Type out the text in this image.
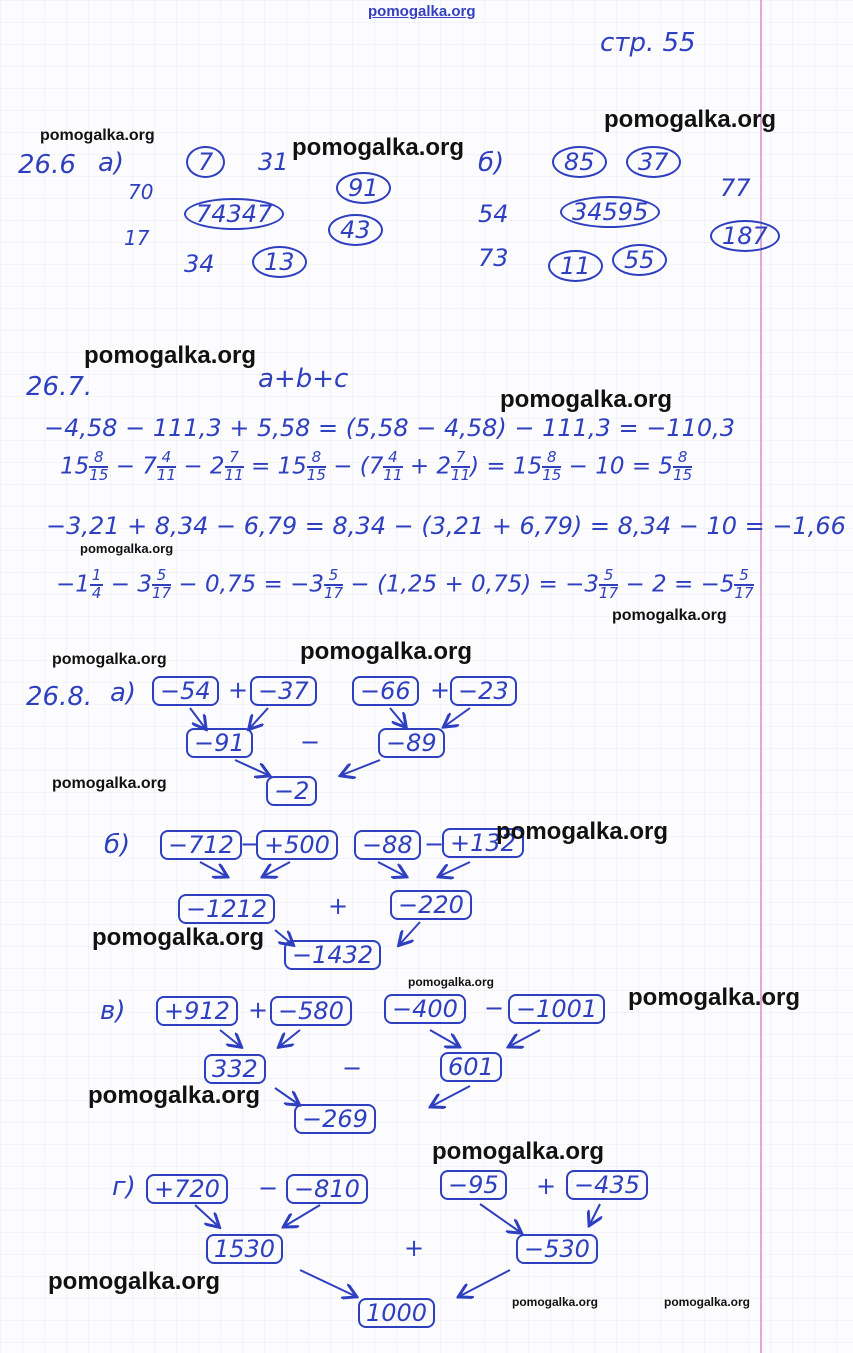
pomogalka.org
стр. 55
26.6 а)	7	31
70	91
74347
17	43
34	13
б)	85	37
77
54	34595
187
73	11	55
26.7.	a+b+c
−4,58 − 111,3 + 5,58 = (5,58 − 4,58) − 111,3 = −110,3
$15 \frac{8}{15} - 7 \frac{4}{11} - 2 \frac{7}{11} = 15 \frac{8}{15} - (7 \frac{4}{11} + 2 \frac{7}{11}$ ) = $15 \frac{8}{15} - 10 = 5 \frac{8}{15}$
−3,21 + 8,34 − 6,79 = 8,34 − (3,21 + 6,79) = 8,34 − 10 = −1,66
$-1 \frac{1}{4} - 3 \frac{5}{17} - 0,75 = -3 \frac{5}{17} - (1,25 + 0,75) = -3 \frac{5}{17} - 2 = -5 \frac{5}{17}$
26.8. а) −54 + −37	−66 + −23
−91	−	−89
−2
б)	−712 − +500	−88 − +132
−1212	+	−220
−1432
в)	+912 + −580	−400	− −1001
332	−	601
−269
г) +720	− −810	−95	+ −435
1530	+	−530
1000
pomogalka.org	pomogalka.org
pomogalka.org
pomogalka.org
pomogalka.org
pomogalka.org
pomogalka.org
pomogalka.org	pomogalka.org
pomogalka.org
pomogalka.org
pomogalka.org
pomogalka.org
pomogalka.org
pomogalka.org
pomogalka.org
pomogalka.org
pomogalka.org	pomogalka.org
